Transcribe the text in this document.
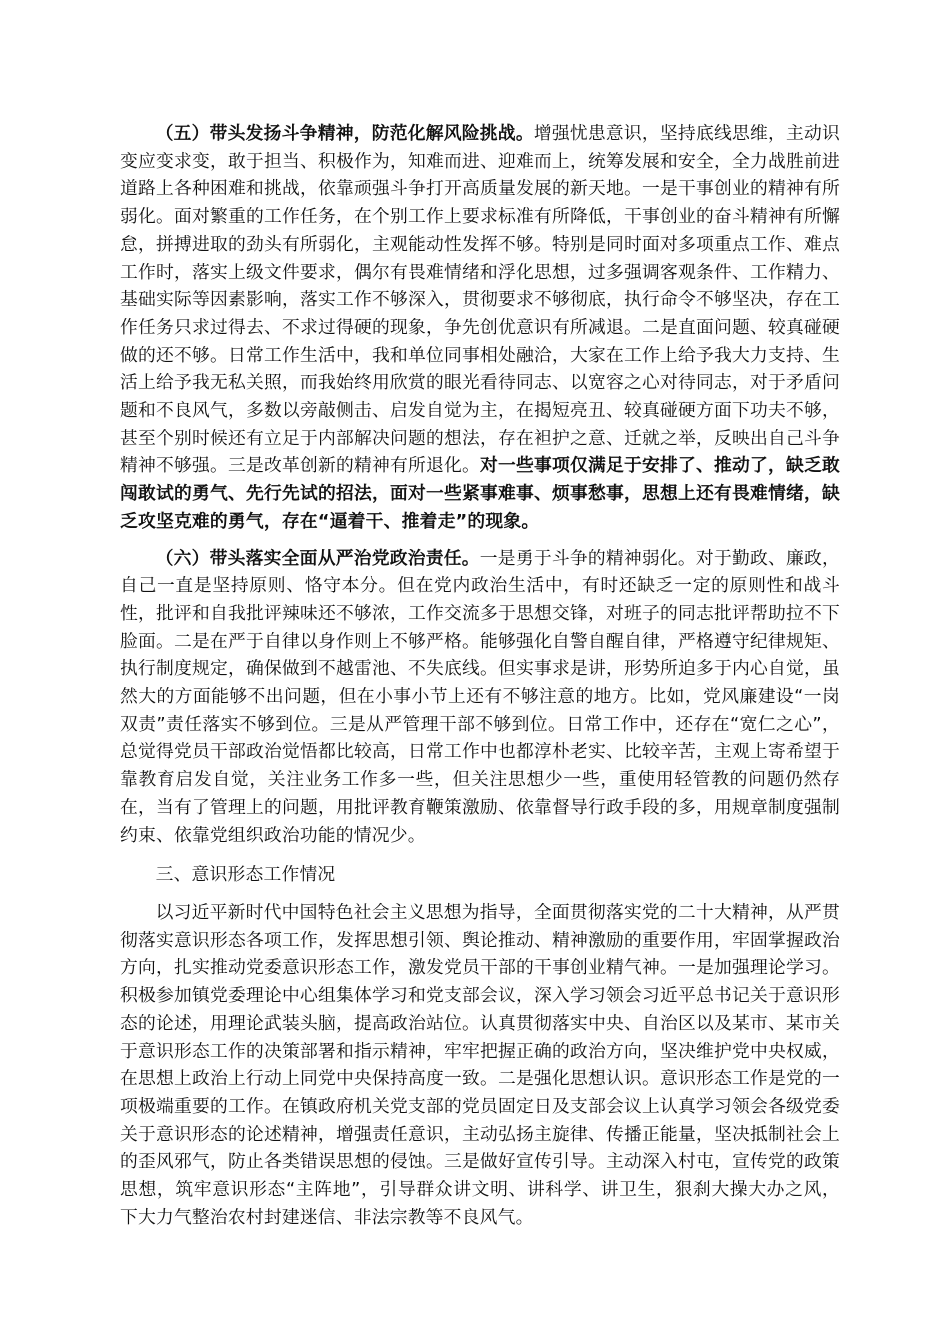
（五）带头发扬斗争精神，防范化解风险挑战。增强忧患意识，坚持底线思维，主动识变应变求变，敢于担当、积极作为，知难而进、迎难而上，统筹发展和安全，全力战胜前进道路上各种困难和挑战，依靠顽强斗争打开高质量发展的新天地。一是干事创业的精神有所弱化。面对繁重的工作任务，在个别工作上要求标准有所降低，干事创业的奋斗精神有所懈怠，拼搏进取的劲头有所弱化，主观能动性发挥不够。特别是同时面对多项重点工作、难点工作时，落实上级文件要求，偶尔有畏难情绪和浮化思想，过多强调客观条件、工作精力、基础实际等因素影响，落实工作不够深入，贯彻要求不够彻底，执行命令不够坚决，存在工作任务只求过得去、不求过得硬的现象，争先创优意识有所减退。二是直面问题、较真碰硬做的还不够。日常工作生活中，我和单位同事相处融洽，大家在工作上给予我大力支持、生活上给予我无私关照，而我始终用欣赏的眼光看待同志、以宽容之心对待同志，对于矛盾问题和不良风气，多数以旁敲侧击、启发自觉为主，在揭短亮丑、较真碰硬方面下功夫不够，甚至个别时候还有立足于内部解决问题的想法，存在袒护之意、迁就之举，反映出自己斗争精神不够强。三是改革创新的精神有所退化。对一些事项仅满足于安排了、推动了，缺乏敢闯敢试的勇气、先行先试的招法，面对一些紧事难事、烦事愁事，思想上还有畏难情绪，缺乏攻坚克难的勇气，存在“逼着干、推着走”的现象。

（六）带头落实全面从严治党政治责任。一是勇于斗争的精神弱化。对于勤政、廉政，自己一直是坚持原则、恪守本分。但在党内政治生活中，有时还缺乏一定的原则性和战斗性，批评和自我批评辣味还不够浓，工作交流多于思想交锋，对班子的同志批评帮助拉不下脸面。二是在严于自律以身作则上不够严格。能够强化自警自醒自律，严格遵守纪律规矩、执行制度规定，确保做到不越雷池、不失底线。但实事求是讲，形势所迫多于内心自觉，虽然大的方面能够不出问题，但在小事小节上还有不够注意的地方。比如，党风廉建设“一岗双责”责任落实不够到位。三是从严管理干部不够到位。日常工作中，还存在“宽仁之心”，总觉得党员干部政治觉悟都比较高，日常工作中也都淳朴老实、比较辛苦，主观上寄希望于靠教育启发自觉，关注业务工作多一些，但关注思想少一些，重使用轻管教的问题仍然存在，当有了管理上的问题，用批评教育鞭策激励、依靠督导行政手段的多，用规章制度强制约束、依靠党组织政治功能的情况少。

三、意识形态工作情况

以习近平新时代中国特色社会主义思想为指导，全面贯彻落实党的二十大精神，从严贯彻落实意识形态各项工作，发挥思想引领、舆论推动、精神激励的重要作用，牢固掌握政治方向，扎实推动党委意识形态工作，激发党员干部的干事创业精气神。一是加强理论学习。积极参加镇党委理论中心组集体学习和党支部会议，深入学习领会习近平总书记关于意识形态的论述，用理论武装头脑，提高政治站位。认真贯彻落实中央、自治区以及某市、某市关于意识形态工作的决策部署和指示精神，牢牢把握正确的政治方向，坚决维护党中央权威，在思想上政治上行动上同党中央保持高度一致。二是强化思想认识。意识形态工作是党的一项极端重要的工作。在镇政府机关党支部的党员固定日及支部会议上认真学习领会各级党委关于意识形态的论述精神，增强责任意识，主动弘扬主旋律、传播正能量，坚决抵制社会上的歪风邪气，防止各类错误思想的侵蚀。三是做好宣传引导。主动深入村屯，宣传党的政策思想，筑牢意识形态“主阵地”，引导群众讲文明、讲科学、讲卫生，狠刹大操大办之风，下大力气整治农村封建迷信、非法宗教等不良风气。
